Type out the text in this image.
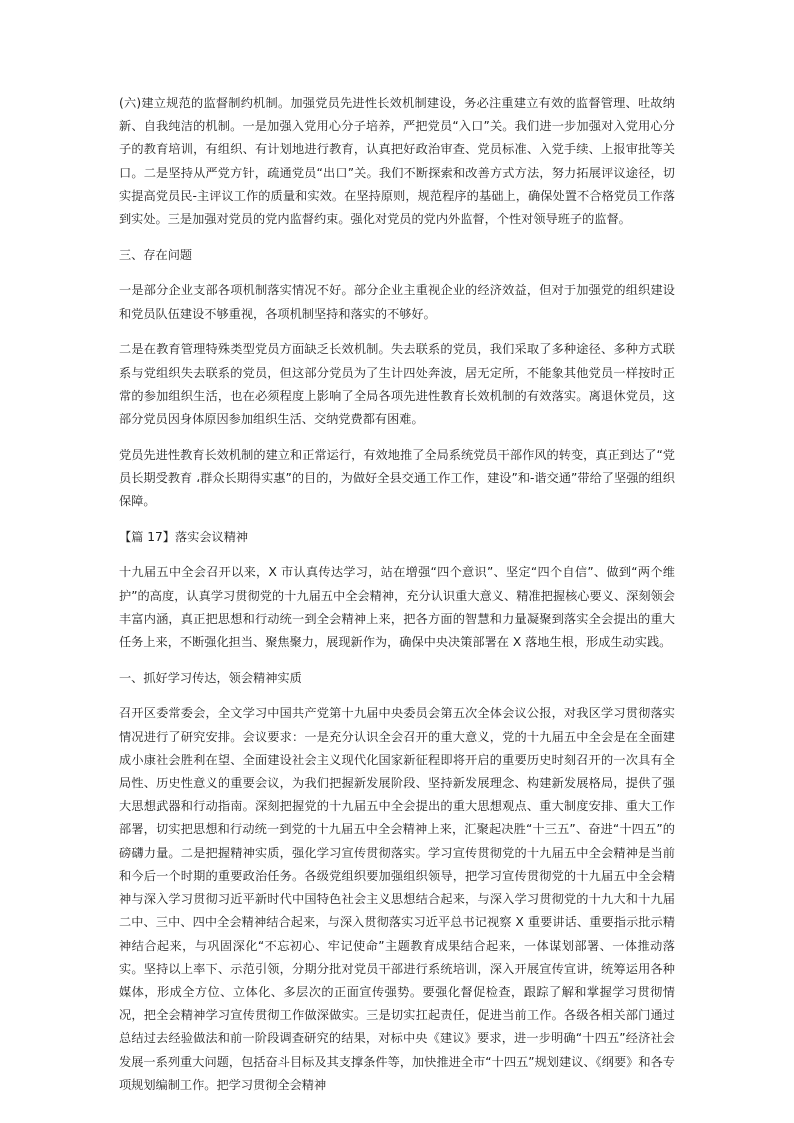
(六)建立规范的监督制约机制。加强党员先进性长效机制建设，务必注重建立有效的监督管理、吐故纳新、自我纯洁的机制。一是加强入党用心分子培养，严把党员“入口”关。我们进一步加强对入党用心分子的教育培训，有组织、有计划地进行教育，认真把好政治审查、党员标准、入党手续、上报审批等关口。二是坚持从严党方针，疏通党员“出口”关。我们不断探索和改善方式方法，努力拓展评议途径，切实提高党员民-主评议工作的质量和实效。在坚持原则，规范程序的基础上，确保处置不合格党员工作落到实处。三是加强对党员的党内监督约束。强化对党员的党内外监督，个性对领导班子的监督。

三、存在问题

一是部分企业支部各项机制落实情况不好。部分企业主重视企业的经济效益，但对于加强党的组织建设和党员队伍建设不够重视，各项机制坚持和落实的不够好。

二是在教育管理特殊类型党员方面缺乏长效机制。失去联系的党员，我们采取了多种途径、多种方式联系与党组织失去联系的党员，但这部分党员为了生计四处奔波，居无定所，不能象其他党员一样按时正常的参加组织生活，也在必须程度上影响了全局各项先进性教育长效机制的有效落实。离退休党员，这部分党员因身体原因参加组织生活、交纳党费都有困难。

党员先进性教育长效机制的建立和正常运行，有效地推了全局系统党员干部作风的转变，真正到达了“党员长期受教育 ،群众长期得实惠”的目的，为做好全县交通工作工作，建设”和-谐交通”带给了坚强的组织保障。

【篇 17】落实会议精神

十九届五中全会召开以来，X 市认真传达学习，站在增强“四个意识”、坚定“四个自信”、做到“两个维护”的高度，认真学习贯彻党的十九届五中全会精神，充分认识重大意义、精准把握核心要义、深刻领会丰富内涵，真正把思想和行动统一到全会精神上来，把各方面的智慧和力量凝聚到落实全会提出的重大任务上来，不断强化担当、聚焦聚力，展现新作为，确保中央决策部署在 X 落地生根，形成生动实践。

一、抓好学习传达，领会精神实质

召开区委常委会，全文学习中国共产党第十九届中央委员会第五次全体会议公报，对我区学习贯彻落实情况进行了研究安排。会议要求：一是充分认识全会召开的重大意义，党的十九届五中全会是在全面建成小康社会胜利在望、全面建设社会主义现代化国家新征程即将开启的重要历史时刻召开的一次具有全局性、历史性意义的重要会议，为我们把握新发展阶段、坚持新发展理念、构建新发展格局，提供了强大思想武器和行动指南。深刻把握党的十九届五中全会提出的重大思想观点、重大制度安排、重大工作部署，切实把思想和行动统一到党的十九届五中全会精神上来，汇聚起决胜“十三五”、奋进“十四五”的磅礴力量。二是把握精神实质，强化学习宣传贯彻落实。学习宣传贯彻党的十九届五中全会精神是当前和今后一个时期的重要政治任务。各级党组织要加强组织领导，把学习宣传贯彻党的十九届五中全会精神与深入学习贯彻习近平新时代中国特色社会主义思想结合起来，与深入学习贯彻党的十九大和十九届二中、三中、四中全会精神结合起来，与深入贯彻落实习近平总书记视察 X 重要讲话、重要指示批示精神结合起来，与巩固深化“不忘初心、牢记使命”主题教育成果结合起来，一体谋划部署、一体推动落实。坚持以上率下、示范引领，分期分批对党员干部进行系统培训，深入开展宣传宣讲，统筹运用各种媒体，形成全方位、立体化、多层次的正面宣传强势。要强化督促检查，跟踪了解和掌握学习贯彻情况，把全会精神学习宣传贯彻工作做深做实。三是切实扛起责任，促进当前工作。各级各相关部门通过总结过去经验做法和前一阶段调查研究的结果，对标中央《建议》要求，进一步明确“十四五”经济社会发展一系列重大问题，包括奋斗目标及其支撑条件等，加快推进全市“十四五”规划建议、《纲要》和各专项规划编制工作。把学习贯彻全会精神
